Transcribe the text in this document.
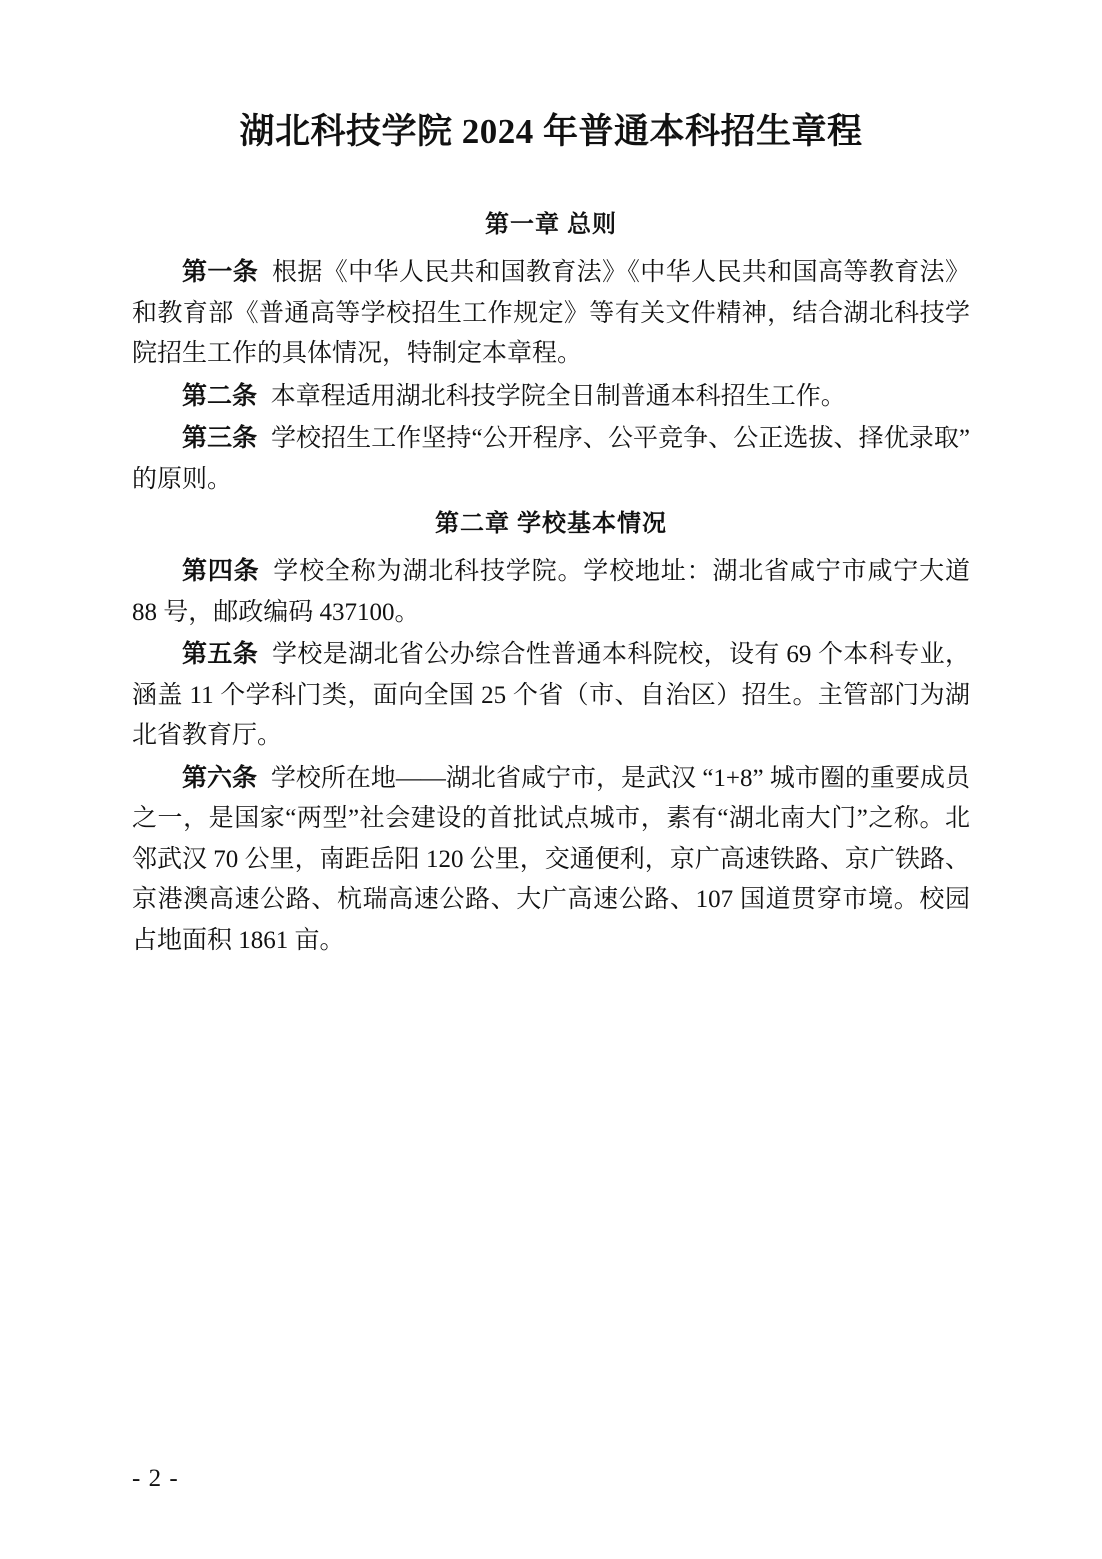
湖北科技学院 2024 年普通本科招生章程
第一章 总则

第一条 根据《中华人民共和国教育法》《中华人民共和国高等教育法》和教育部《普通高等学校招生工作规定》等有关文件精神，结合湖北科技学院招生工作的具体情况，特制定本章程。

第二条 本章程适用湖北科技学院全日制普通本科招生工作。

第三条 学校招生工作坚持“公开程序、公平竞争、公正选拔、择优录取”的原则。

第二章 学校基本情况

第四条 学校全称为湖北科技学院。学校地址：湖北省咸宁市咸宁大道 88 号，邮政编码 437100。

第五条 学校是湖北省公办综合性普通本科院校，设有 69 个本科专业，涵盖 11 个学科门类，面向全国 25 个省（市、自治区）招生。主管部门为湖北省教育厅。

第六条 学校所在地——湖北省咸宁市，是武汉 “1+8” 城市圈的重要成员之一，是国家“两型”社会建设的首批试点城市，素有“湖北南大门”之称。北邻武汉 70 公里，南距岳阳 120 公里，交通便利，京广高速铁路、京广铁路、京港澳高速公路、杭瑞高速公路、大广高速公路、107 国道贯穿市境。校园占地面积 1861 亩。

- 2 -
